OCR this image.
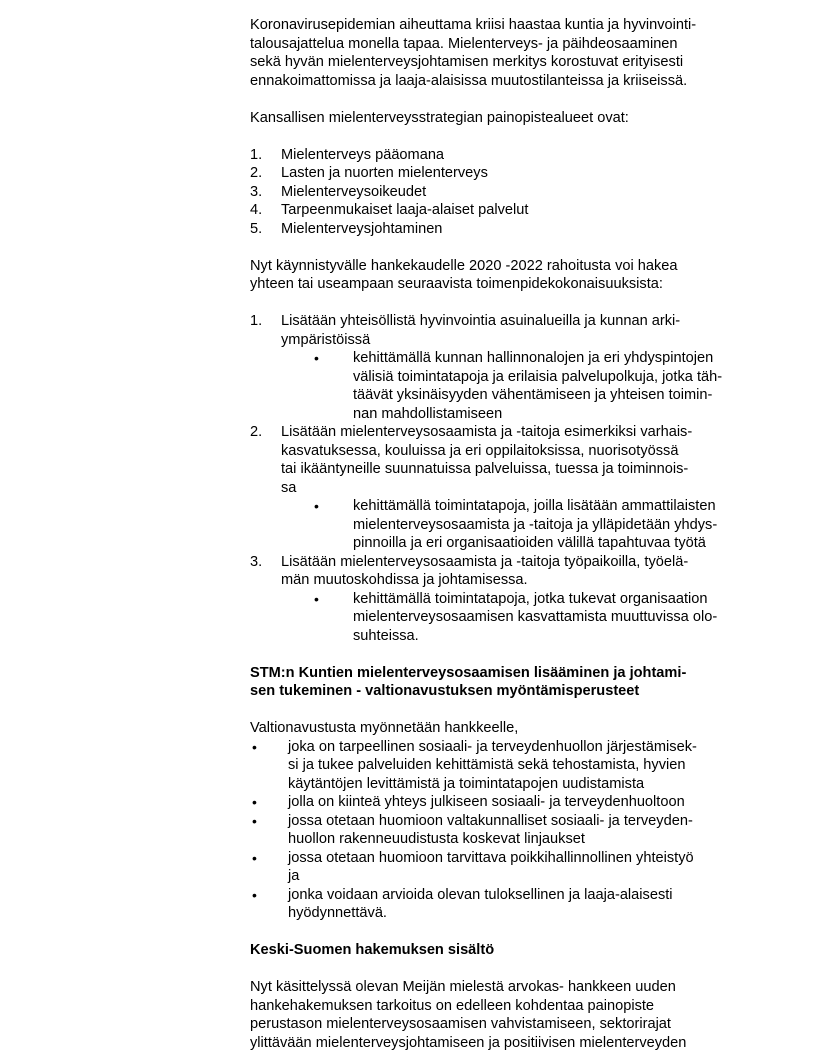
Koronavirusepidemian aiheuttama kriisi haastaa kuntia ja hyvinvointi-
talousajattelua monella tapaa. Mielenterveys- ja päihdeosaaminen
sekä hyvän mielenterveysjohtamisen merkitys korostuvat erityisesti
ennakoimattomissa ja laaja-alaisissa muutostilanteissa ja kriiseissä.

Kansallisen mielenterveysstrategian painopistealueet ovat:

1. Mielenterveys pääomana
2. Lasten ja nuorten mielenterveys
3. Mielenterveysoikeudet
4. Tarpeenmukaiset laaja-alaiset palvelut
5. Mielenterveysjohtaminen

Nyt käynnistyvälle hankekaudelle 2020 -2022 rahoitusta voi hakea
yhteen tai useampaan seuraavista toimenpidekokonaisuuksista:

1. Lisätään yhteisöllistä hyvinvointia asuinalueilla ja kunnan arki-
ympäristöissä
• kehittämällä kunnan hallinnonalojen ja eri yhdyspintojen
välisiä toimintatapoja ja erilaisia palvelupolkuja, jotka täh-
täävät yksinäisyyden vähentämiseen ja yhteisen toimin-
nan mahdollistamiseen
2. Lisätään mielenterveysosaamista ja -taitoja esimerkiksi varhais-
kasvatuksessa, kouluissa ja eri oppilaitoksissa, nuorisotyössä
tai ikääntyneille suunnatuissa palveluissa, tuessa ja toiminnois-
sa
• kehittämällä toimintatapoja, joilla lisätään ammattilaisten
mielenterveysosaamista ja -taitoja ja ylläpidetään yhdys-
pinnoilla ja eri organisaatioiden välillä tapahtuvaa työtä
3. Lisätään mielenterveysosaamista ja -taitoja työpaikoilla, työelä-
män muutoskohdissa ja johtamisessa.
• kehittämällä toimintatapoja, jotka tukevat organisaation
mielenterveysosaamisen kasvattamista muuttuvissa olo-
suhteissa.

STM:n Kuntien mielenterveysosaamisen lisääminen ja johtami-
sen tukeminen - valtionavustuksen myöntämisperusteet

Valtionavustusta myönnetään hankkeelle,

• joka on tarpeellinen sosiaali- ja terveydenhuollon järjestämisek-
si ja tukee palveluiden kehittämistä sekä tehostamista, hyvien
käytäntöjen levittämistä ja toimintatapojen uudistamista
• jolla on kiinteä yhteys julkiseen sosiaali- ja terveydenhuoltoon
• jossa otetaan huomioon valtakunnalliset sosiaali- ja terveyden-
huollon rakenneuudistusta koskevat linjaukset
• jossa otetaan huomioon tarvittava poikkihallinnollinen yhteistyö
ja
• jonka voidaan arvioida olevan tuloksellinen ja laaja-alaisesti
hyödynnettävä.

Keski-Suomen hakemuksen sisältö

Nyt käsittelyssä olevan Meijän mielestä arvokas- hankkeen uuden
hankehakemuksen tarkoitus on edelleen kohdentaa painopiste
perustason mielenterveysosaamisen vahvistamiseen, sektorirajat
ylittävään mielenterveysjohtamiseen ja positiivisen mielenterveyden
